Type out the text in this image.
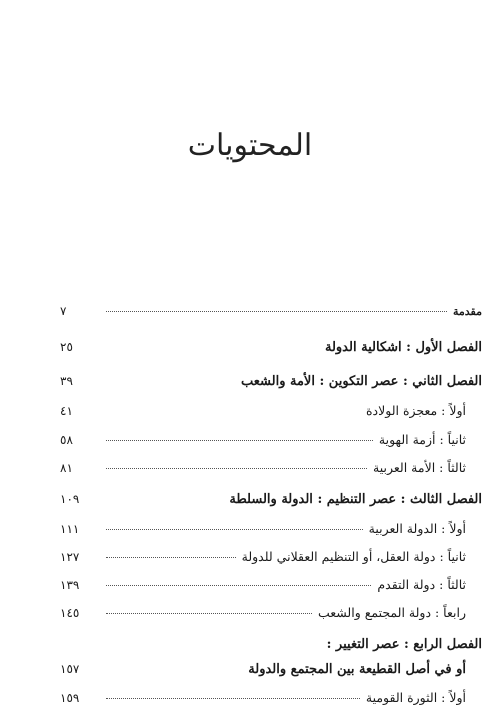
المحتويات
مقدمة
٧
الفصل الأول : اشكالية الدولة
٢٥
الفصل الثاني : عصر التكوين : الأمة والشعب
٣٩
أولاً : معجزة الولادة
٤١
ثانياً : أزمة الهوية
٥٨
ثالثاً : الأمة العربية
٨١
الفصل الثالث : عصر التنظيم : الدولة والسلطة
١٠٩
أولاً : الدولة العربية
١١١
ثانياً : دولة العقل، أو التنظيم العقلاني للدولة
١٢٧
ثالثاً : دولة التقدم
١٣٩
رابعاً : دولة المجتمع والشعب
١٤٥
الفصل الرابع : عصر التغيير :
أو في أصل القطيعة بين المجتمع والدولة
١٥٧
أولاً : الثورة القومية
١٥٩
